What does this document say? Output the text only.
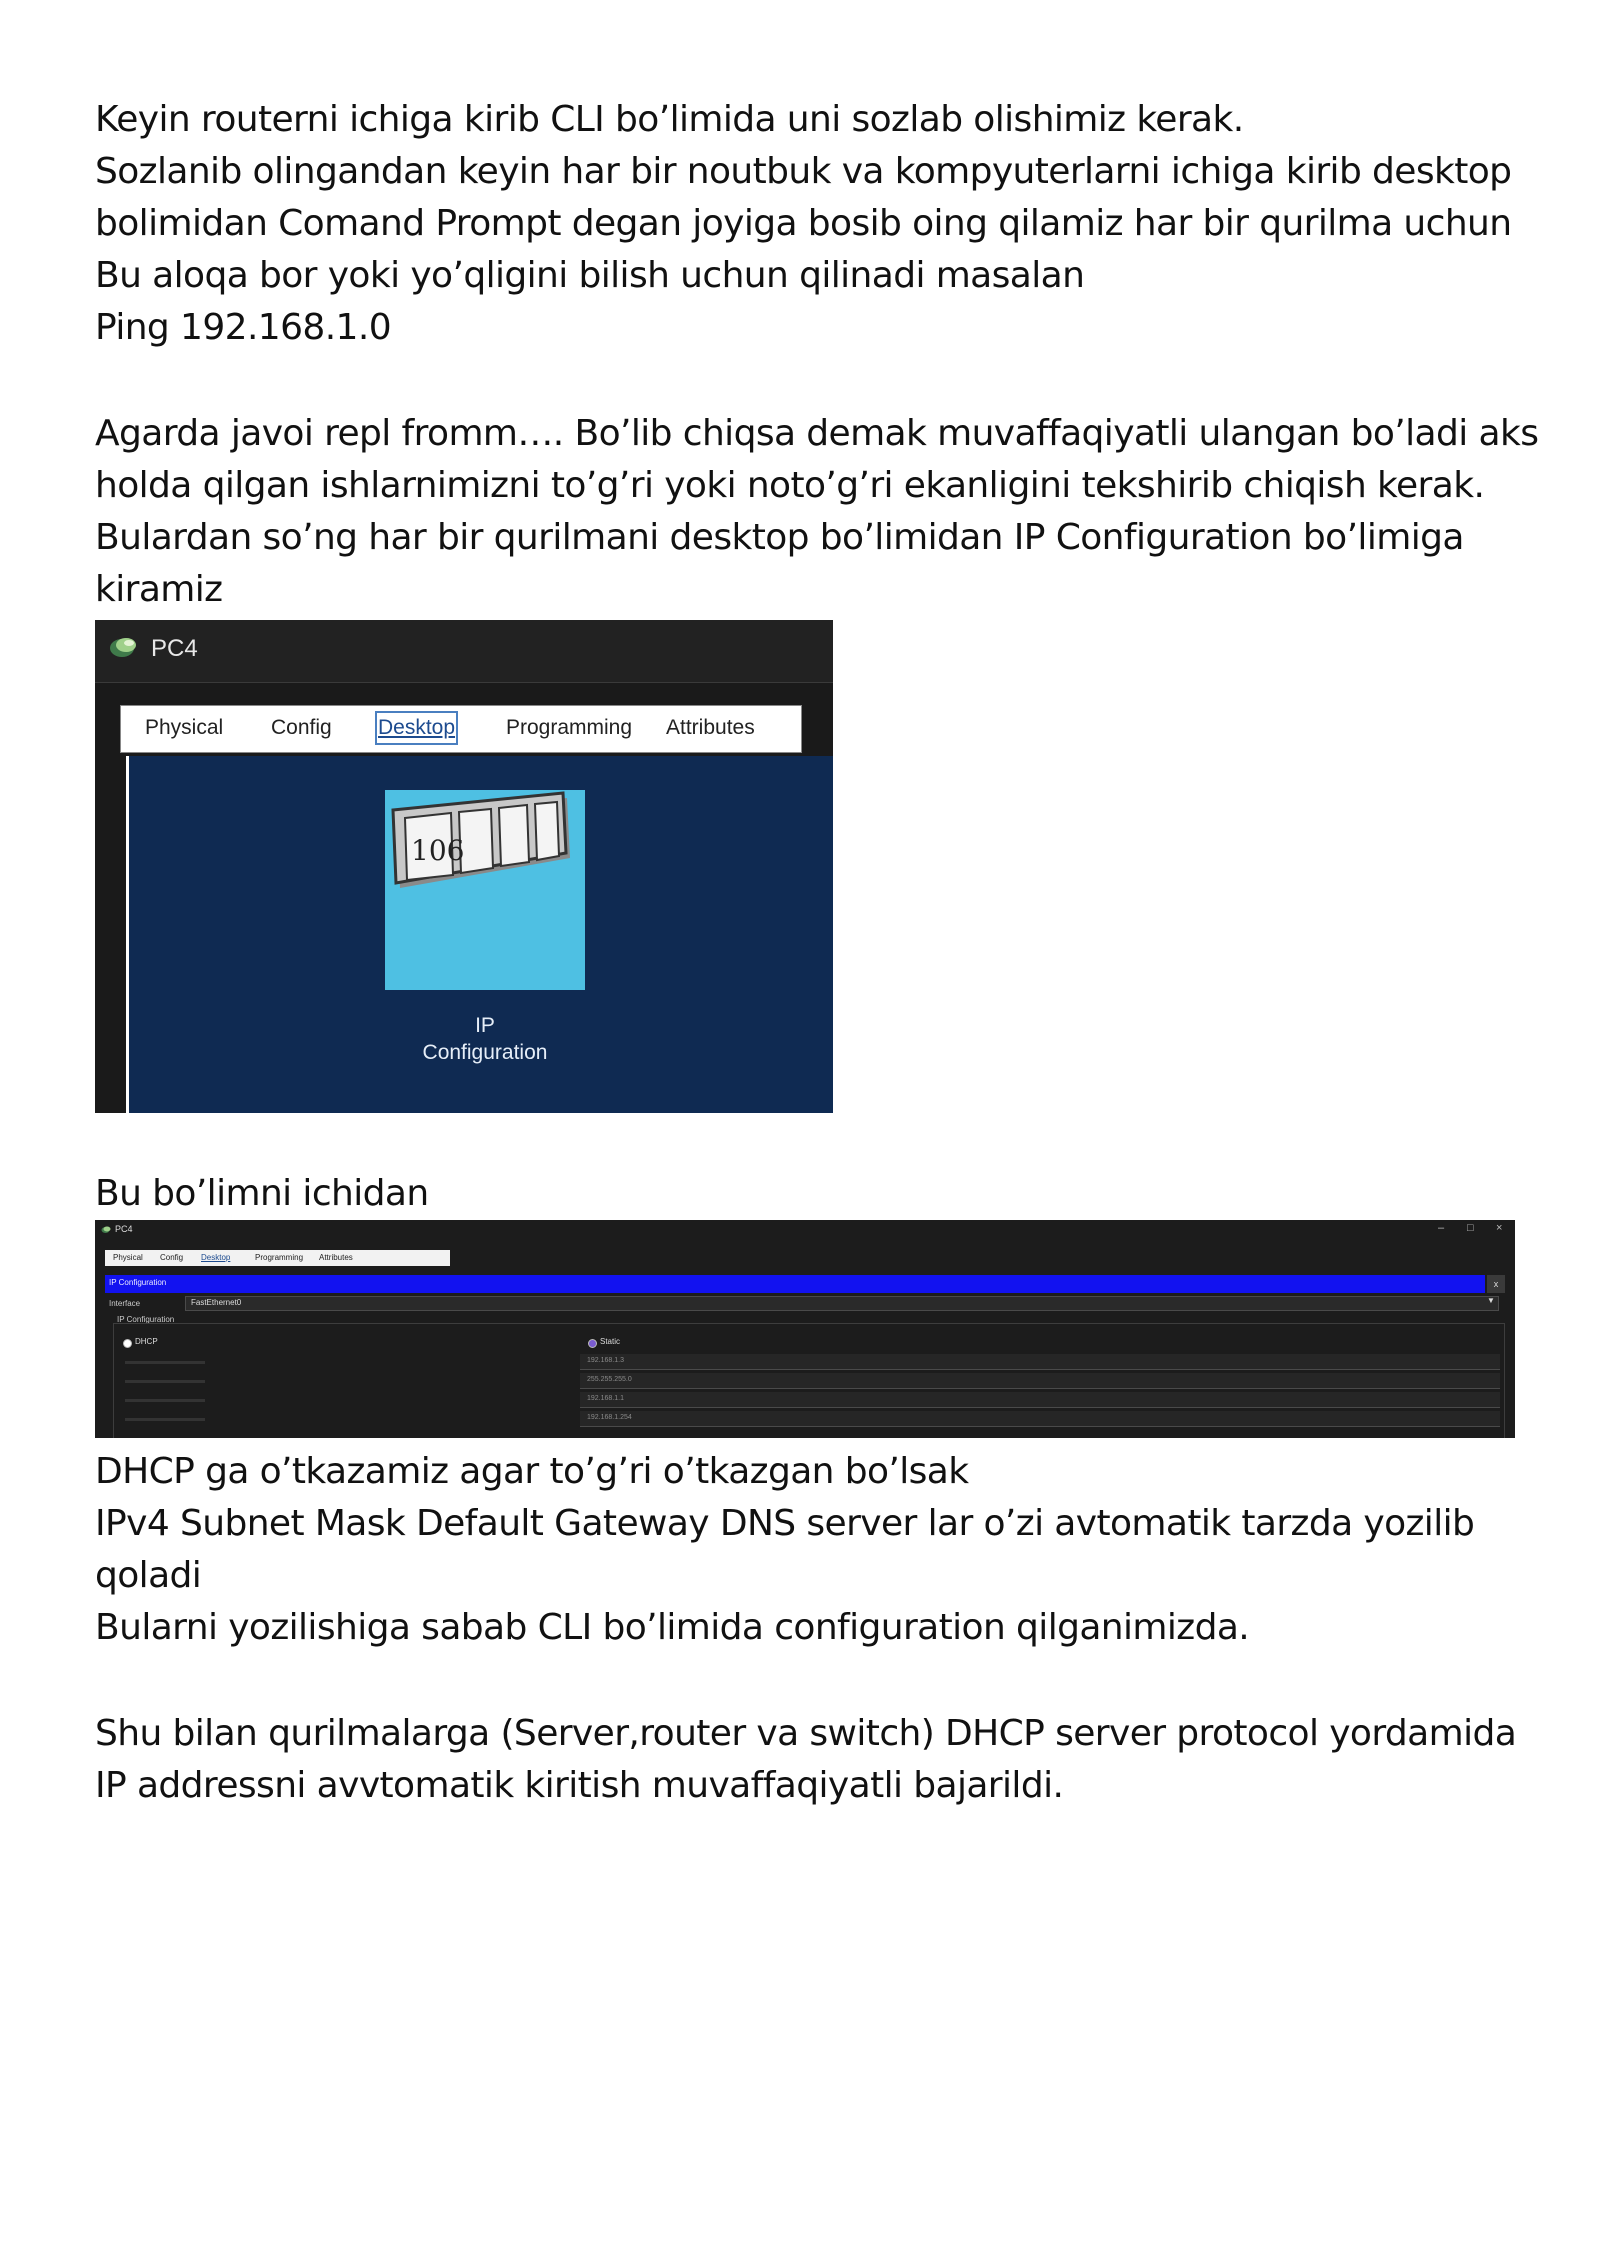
Keyin routerni ichiga kirib CLI bo’limida uni sozlab olishimiz kerak.
Sozlanib olingandan keyin har bir noutbuk va kompyuterlarni ichiga kirib desktop
bolimidan Comand Prompt degan joyiga bosib oing qilamiz har bir qurilma uchun
Bu aloqa bor yoki yo’qligini bilish uchun qilinadi masalan
Ping 192.168.1.0
Agarda javoi repl fromm…. Bo’lib chiqsa demak muvaffaqiyatli ulangan bo’ladi aks
holda qilgan ishlarnimizni to’g’ri yoki noto’g’ri ekanligini tekshirib chiqish kerak.
Bulardan so’ng har bir qurilmani desktop bo’limidan IP Configuration bo’limiga
kiramiz
PC4
Physical Config Desktop Programming Attributes
106
IP
Configuration
Bu bo’limni ichidan
PC4	– □ ×
Physical Config Desktop	Programming Attributes
IP Configuration	x
Interface	FastEthernet0	▼
IP Configuration
DHCP	Static
192.168.1.3
255.255.255.0
192.168.1.1
192.168.1.254
DHCP ga o’tkazamiz agar to’g’ri o’tkazgan bo’lsak
IPv4 Subnet Mask Default Gateway DNS server lar o’zi avtomatik tarzda yozilib
qoladi
Bularni yozilishiga sabab CLI bo’limida configuration qilganimizda.
Shu bilan qurilmalarga (Server,router va switch) DHCP server protocol yordamida
IP addressni avvtomatik kiritish muvaffaqiyatli bajarildi.
